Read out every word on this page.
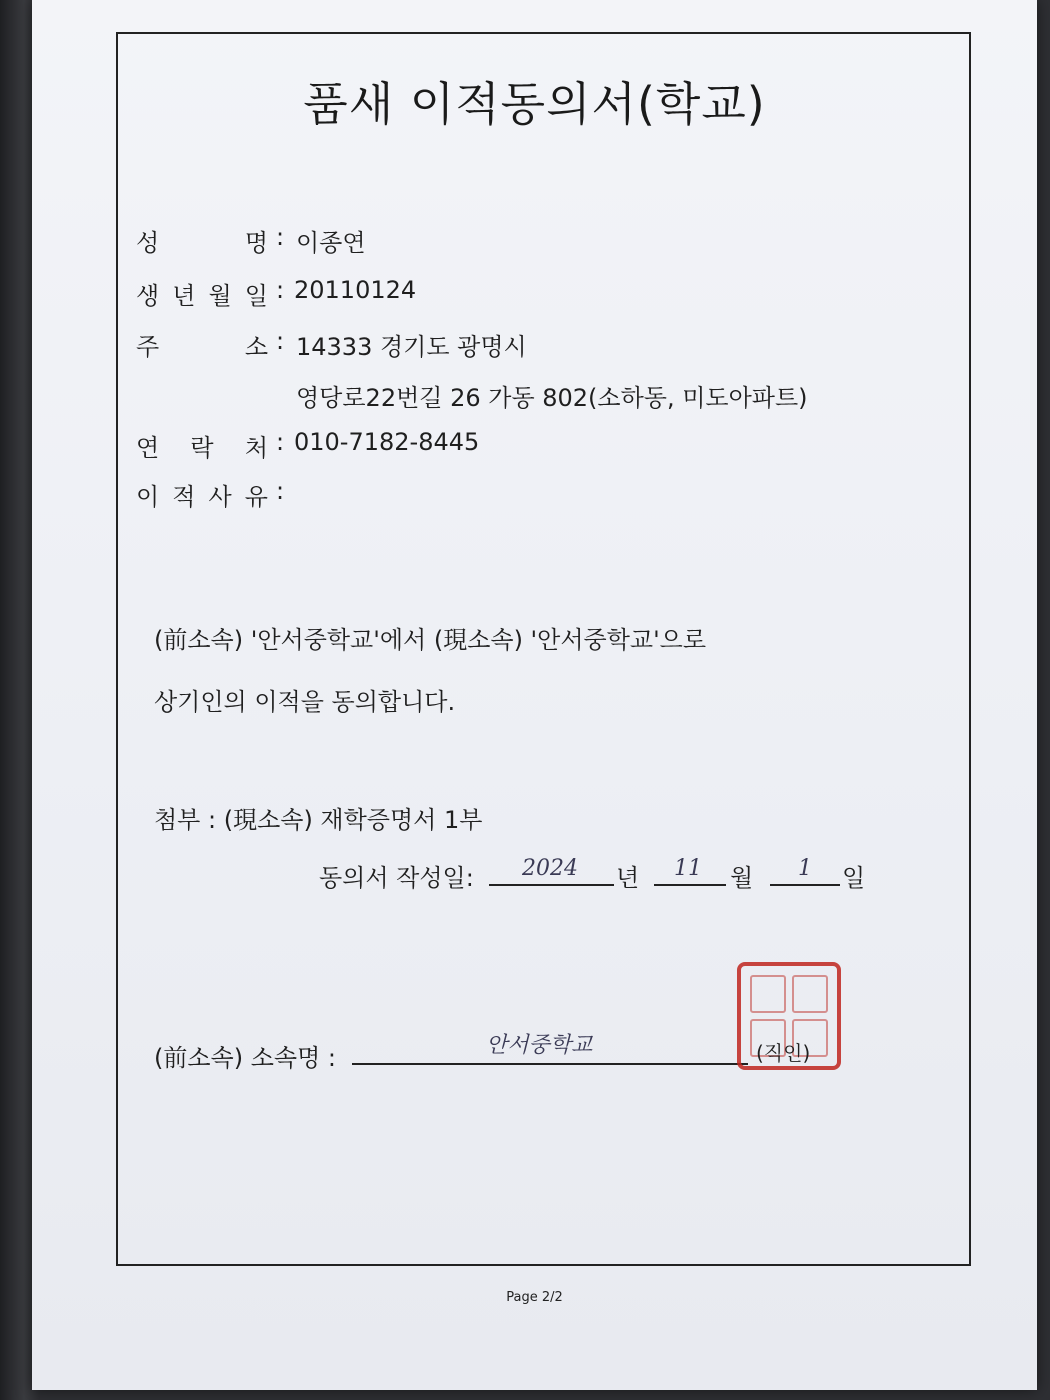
품새 이적동의서(학교)
성	명 : 이종연
생 년 월 일 : 20110124
주	소 : 14333 경기도 광명시
영당로22번길 26 가동 802(소하동, 미도아파트)
연 락 처 : 010-7182-8445
이 적 사 유 :
(前소속) '안서중학교'에서 (現소속) '안서중학교'으로
상기인의 이적을 동의합니다.
첨부 : (現소속) 재학증명서 1부
동의서 작성일: 2024 년 11 월 1 일
(前소속) 소속명 :	안서중학교	(직인)
Page 2/2
